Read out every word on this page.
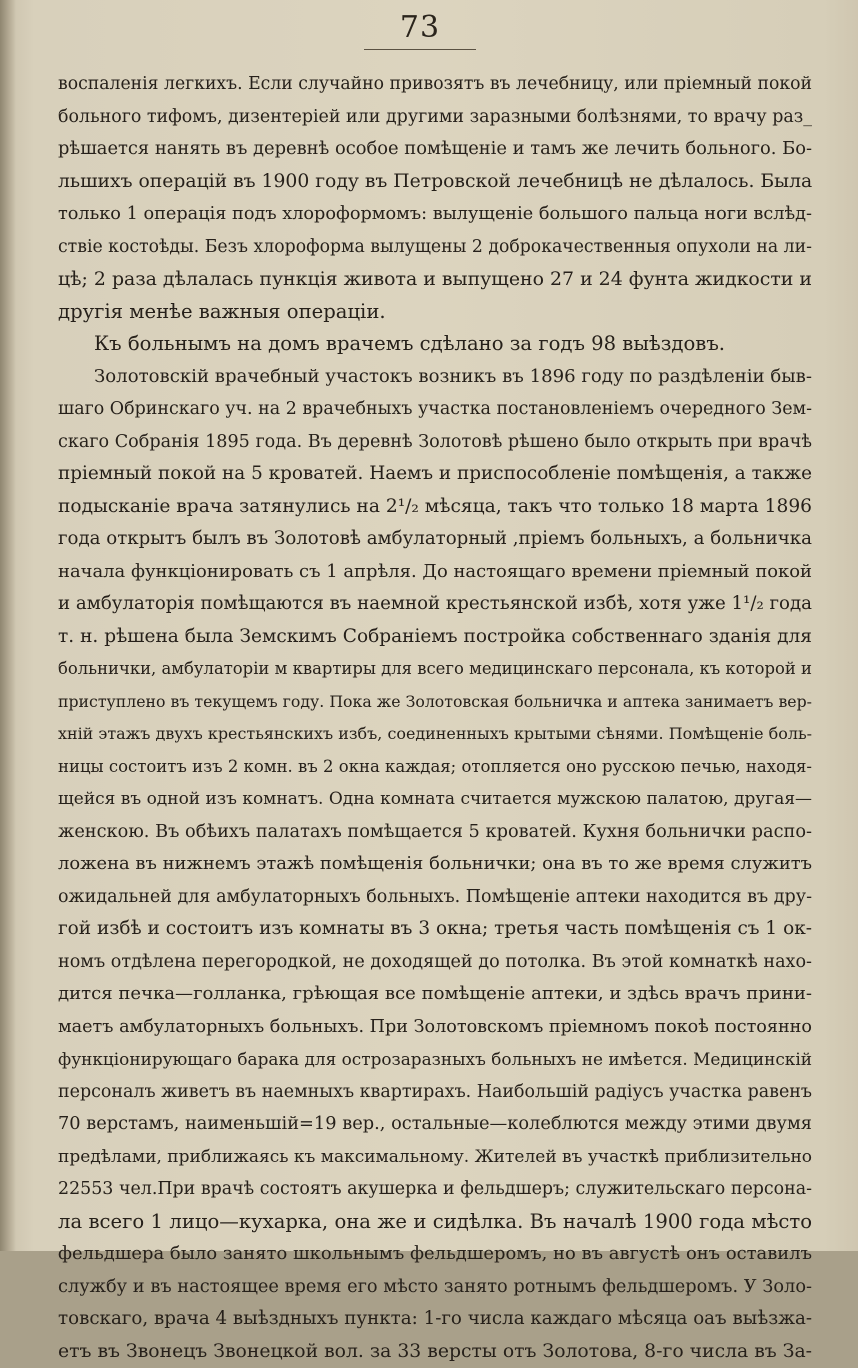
73
воспаленія легкихъ. Если случайно привозятъ въ лечебницу, или пріемный покой
больного тифомъ, дизентеріей или другими заразными болѣзнями, то врачу раз_
рѣшается нанять въ деревнѣ особое помѣщеніе и тамъ же лечить больного. Бо-
льшихъ операцій въ 1900 году въ Петровской лечебницѣ не дѣлалось. Была
только 1 операція подъ хлороформомъ: вылущеніе большого пальца ноги вслѣд-
ствіе костоѣды. Безъ хлороформа вылущены 2 доброкачественныя опухоли на ли-
цѣ; 2 раза дѣлалась пункція живота и выпущено 27 и 24 фунта жидкости и
другія менѣе важныя операціи.
Къ больнымъ на домъ врачемъ сдѣлано за годъ 98 выѣздовъ.
Золотовскій врачебный участокъ возникъ въ 1896 году по раздѣленіи быв-
шаго Обринскаго уч. на 2 врачебныхъ участка постановленіемъ очередного Зем-
скаго Собранія 1895 года. Въ деревнѣ Золотовѣ рѣшено было открыть при врачѣ
пріемный покой на 5 кроватей. Наемъ и приспособленіе помѣщенія, а также
подысканіе врача затянулись на 2¹/₂ мѣсяца, такъ что только 18 марта 1896
года открытъ былъ въ Золотовѣ амбулаторный ,пріемъ больныхъ, а больничка
начала функціонировать съ 1 апрѣля. До настоящаго времени пріемный покой
и амбулаторія помѣщаются въ наемной крестьянской избѣ, хотя уже 1¹/₂ года
т. н. рѣшена была Земскимъ Собраніемъ постройка собственнаго зданія для
больнички, амбулаторіи м квартиры для всего медицинскаго персонала, къ которой и
приступлено въ текущемъ году. Пока же Золотовская больничка и аптека занимаетъ вер-
хній этажъ двухъ крестьянскихъ избъ, соединенныхъ крытыми сѣнями. Помѣщеніе боль-
ницы состоитъ изъ 2 комн. въ 2 окна каждая; отопляется оно русскою печью, находя-
щейся въ одной изъ комнатъ. Одна комната считается мужскою палатою, другая—
женскою. Въ обѣихъ палатахъ помѣщается 5 кроватей. Кухня больнички распо-
ложена въ нижнемъ этажѣ помѣщенія больнички; она въ то же время служитъ
ожидальней для амбулаторныхъ больныхъ. Помѣщеніе аптеки находится въ дру-
гой избѣ и состоитъ изъ комнаты въ 3 окна; третья часть помѣщенія съ 1 ок-
номъ отдѣлена перегородкой, не доходящей до потолка. Въ этой комнаткѣ нахо-
дится печка—голланка, грѣющая все помѣщеніе аптеки, и здѣсь врачъ прини-
маетъ амбулаторныхъ больныхъ. При Золотовскомъ пріемномъ покоѣ постоянно
функціонирующаго барака для острозаразныхъ больныхъ не имѣется. Медицинскій
персоналъ живетъ въ наемныхъ квартирахъ. Наибольшій радіусъ участка равенъ
70 верстамъ, наименьшій=19 вер., остальные—колеблются между этими двумя
предѣлами, приближаясь къ максимальному. Жителей въ участкѣ приблизительно
22553 чел.При врачѣ состоятъ акушерка и фельдшеръ; служительскаго персона-
ла всего 1 лицо—кухарка, она же и сидѣлка. Въ началѣ 1900 года мѣсто
фельдшера было занято школьнымъ фельдшеромъ, но въ августѣ онъ оставилъ
службу и въ настоящее время его мѣсто занято ротнымъ фельдшеромъ. У Золо-
товскаго, врача 4 выѣздныхъ пункта: 1-го числа каждаго мѣсяца оаъ выѣзжа-
етъ въ Звонецъ Звонецкой вол. за 33 версты отъ Золотова, 8-го числа въ За-
